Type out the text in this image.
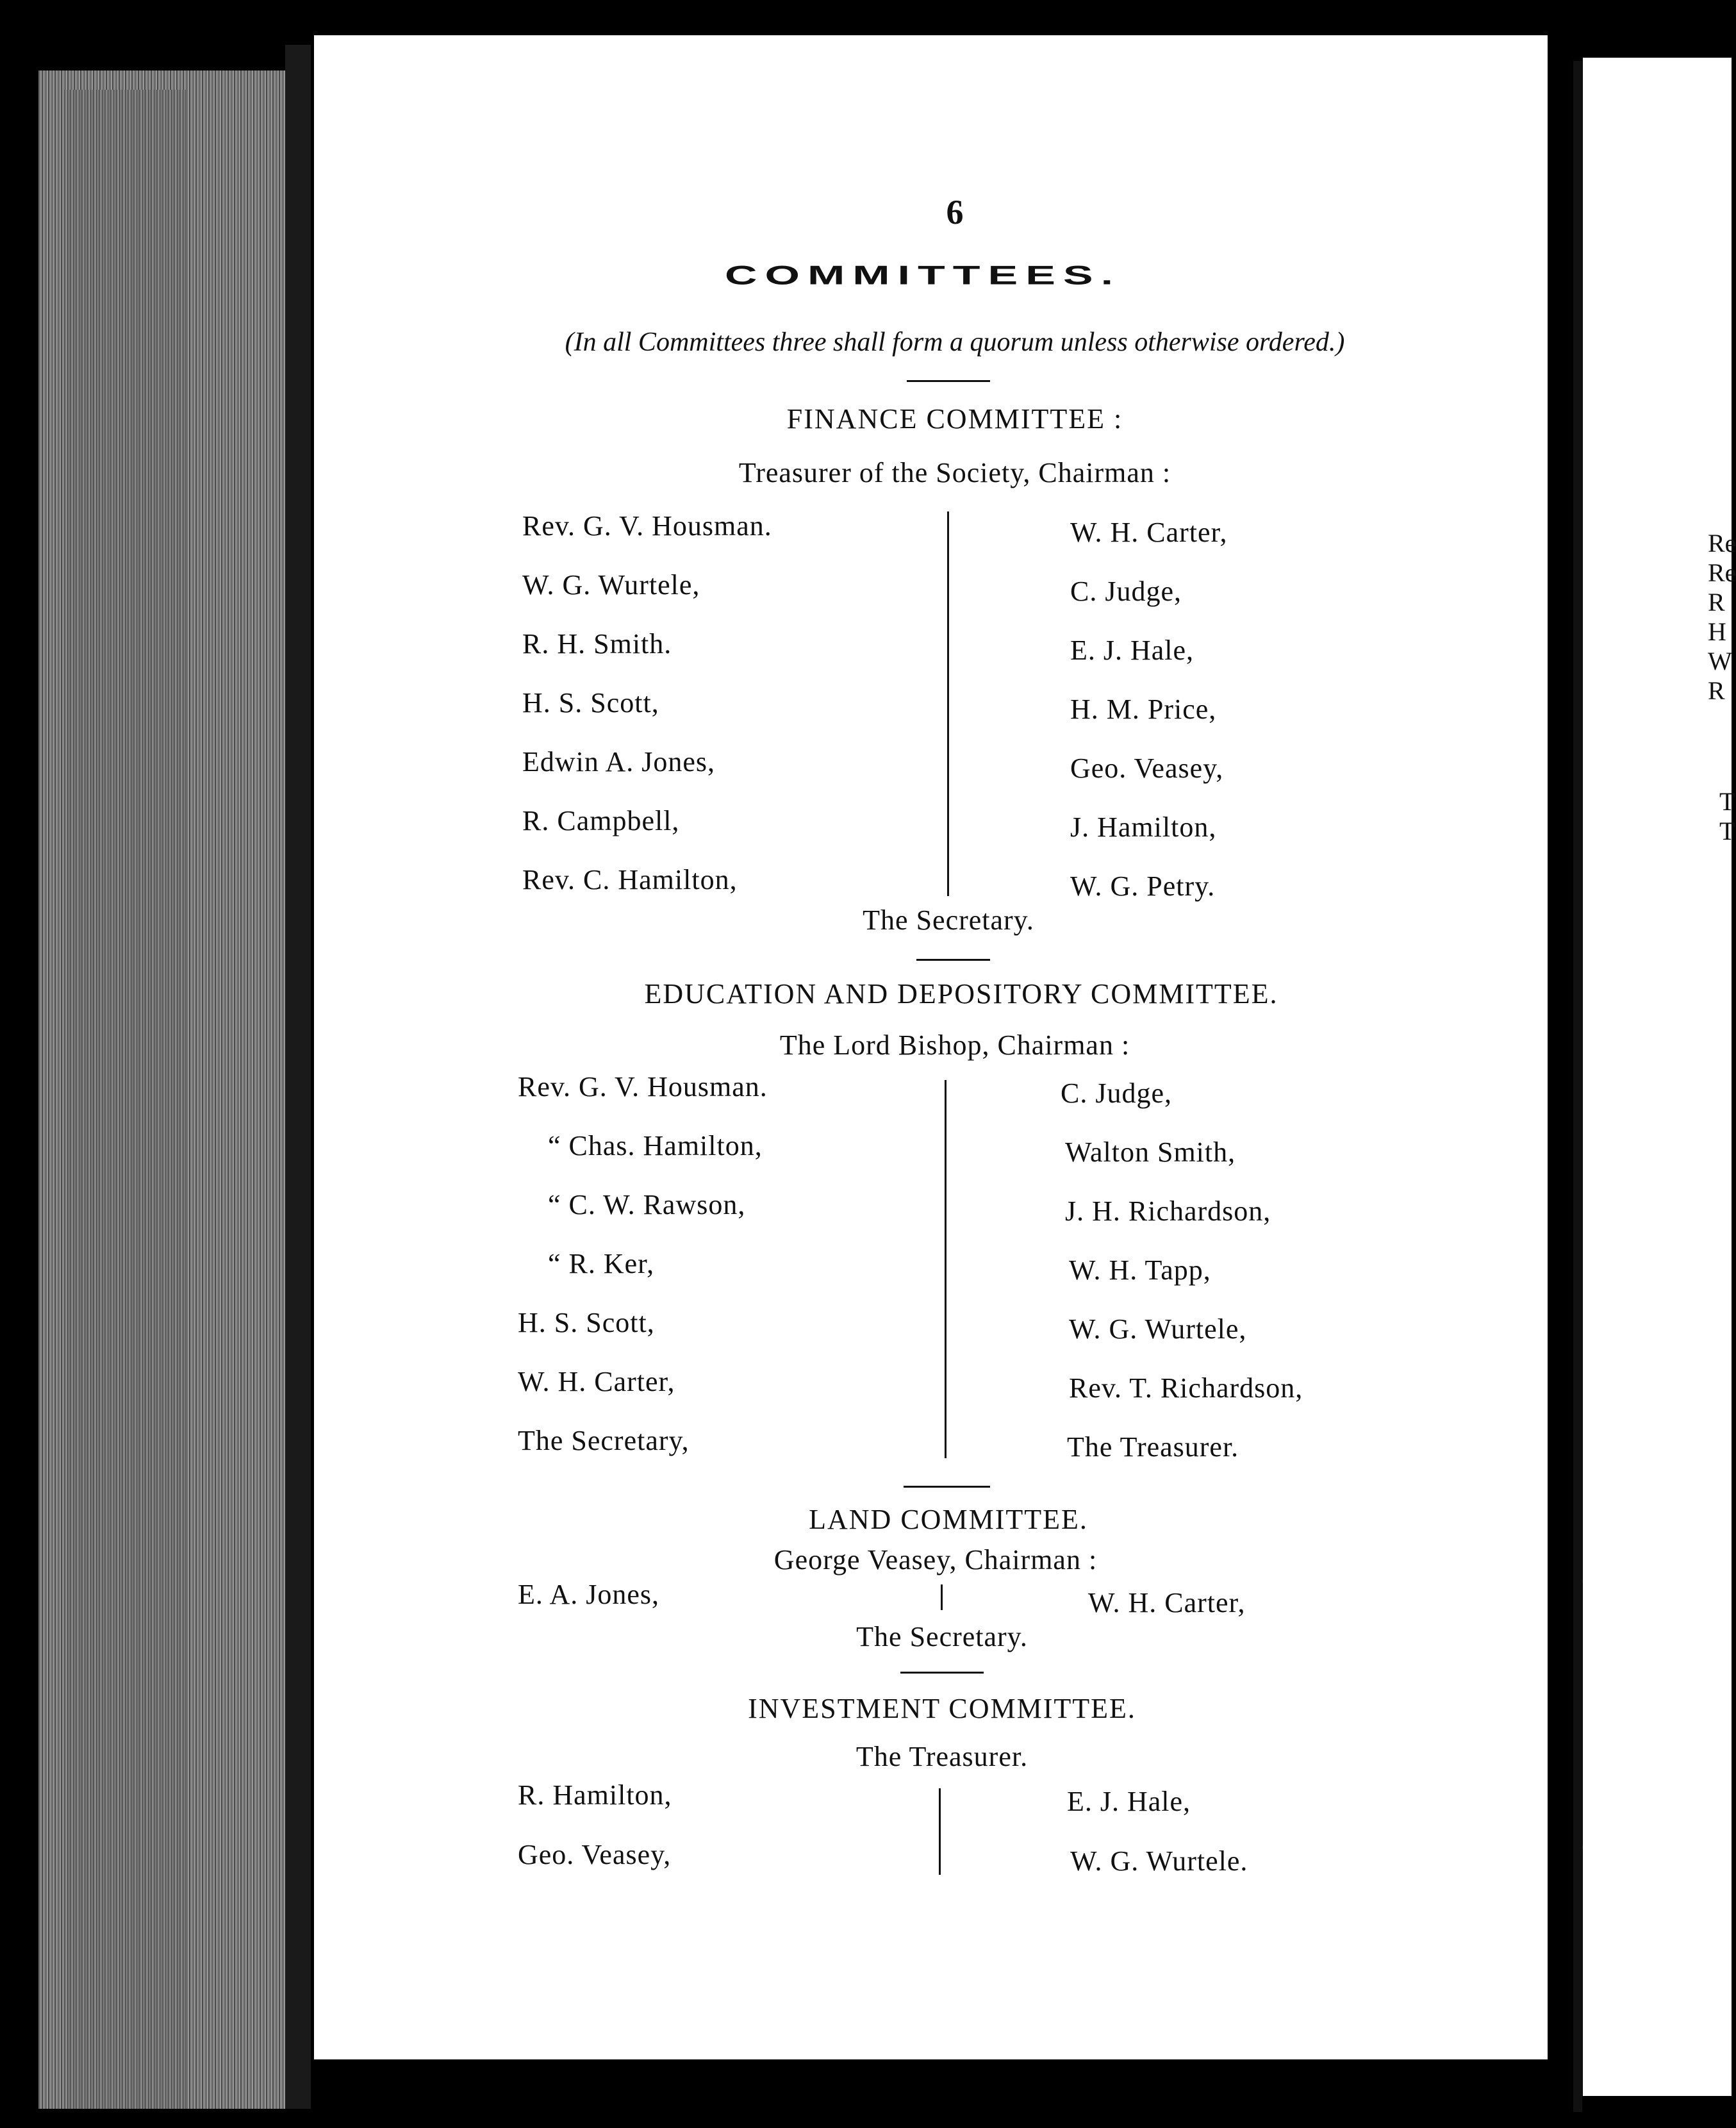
Re
Re
R
H
W
R
T
T
6
COMMITTEES.
(In all Committees three shall form a quorum unless otherwise ordered.)
FINANCE COMMITTEE :
Treasurer of the Society, Chairman :
Rev. G. V. Housman.
W. G. Wurtele,
R. H. Smith.
H. S. Scott,
Edwin A. Jones,
R. Campbell,
Rev. C. Hamilton,
W. H. Carter,
C. Judge,
E. J. Hale,
H. M. Price,
Geo. Veasey,
J. Hamilton,
W. G. Petry.
The Secretary.
EDUCATION AND DEPOSITORY COMMITTEE.
The Lord Bishop, Chairman :
Rev. G. V. Housman.
“ Chas. Hamilton,
“ C. W. Rawson,
“ R. Ker,
H. S. Scott,
W. H. Carter,
The Secretary,
C. Judge,
Walton Smith,
J. H. Richardson,
W. H. Tapp,
W. G. Wurtele,
Rev. T. Richardson,
The Treasurer.
LAND COMMITTEE.
George Veasey, Chairman :
E. A. Jones,	W. H. Carter,
The Secretary.
INVESTMENT COMMITTEE.
The Treasurer.
R. Hamilton,
Geo. Veasey,
E. J. Hale,
W. G. Wurtele.
